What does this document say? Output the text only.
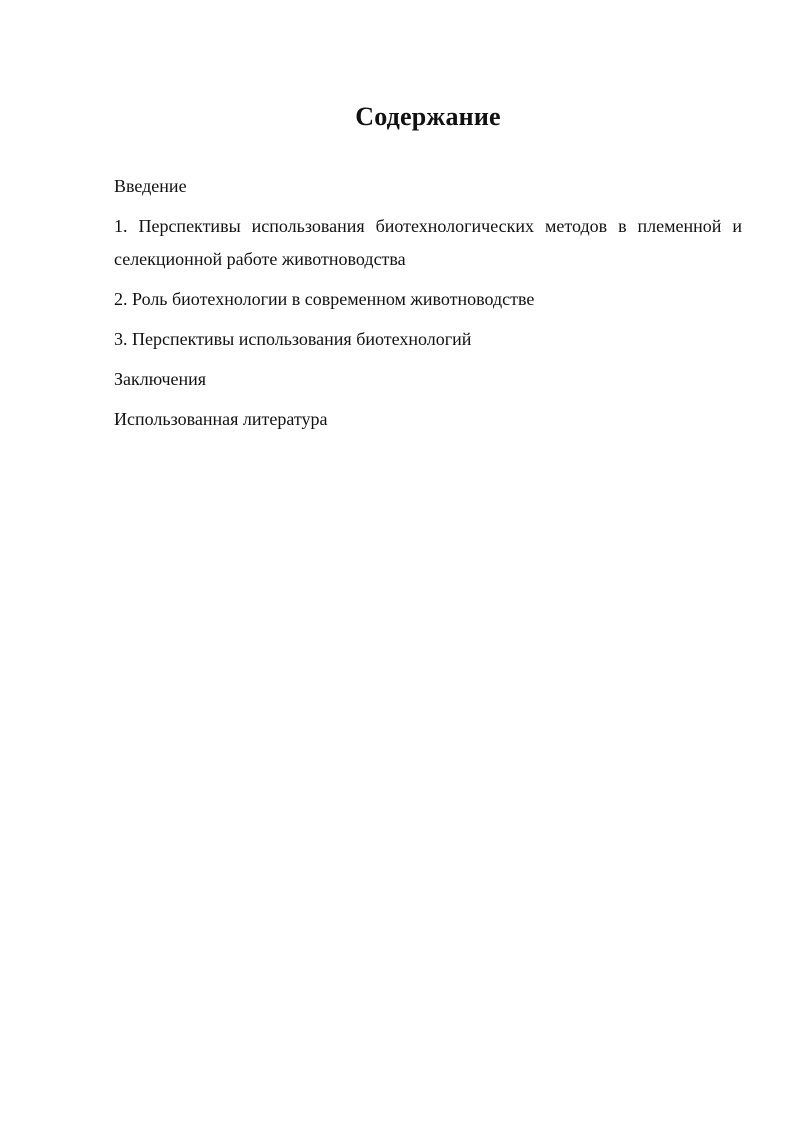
Содержание
Введение
1. Перспективы использования биотехнологических методов в племенной и селекционной работе животноводства
2. Роль биотехнологии в современном животноводстве
3. Перспективы использования биотехнологий
Заключения
Использованная литература
